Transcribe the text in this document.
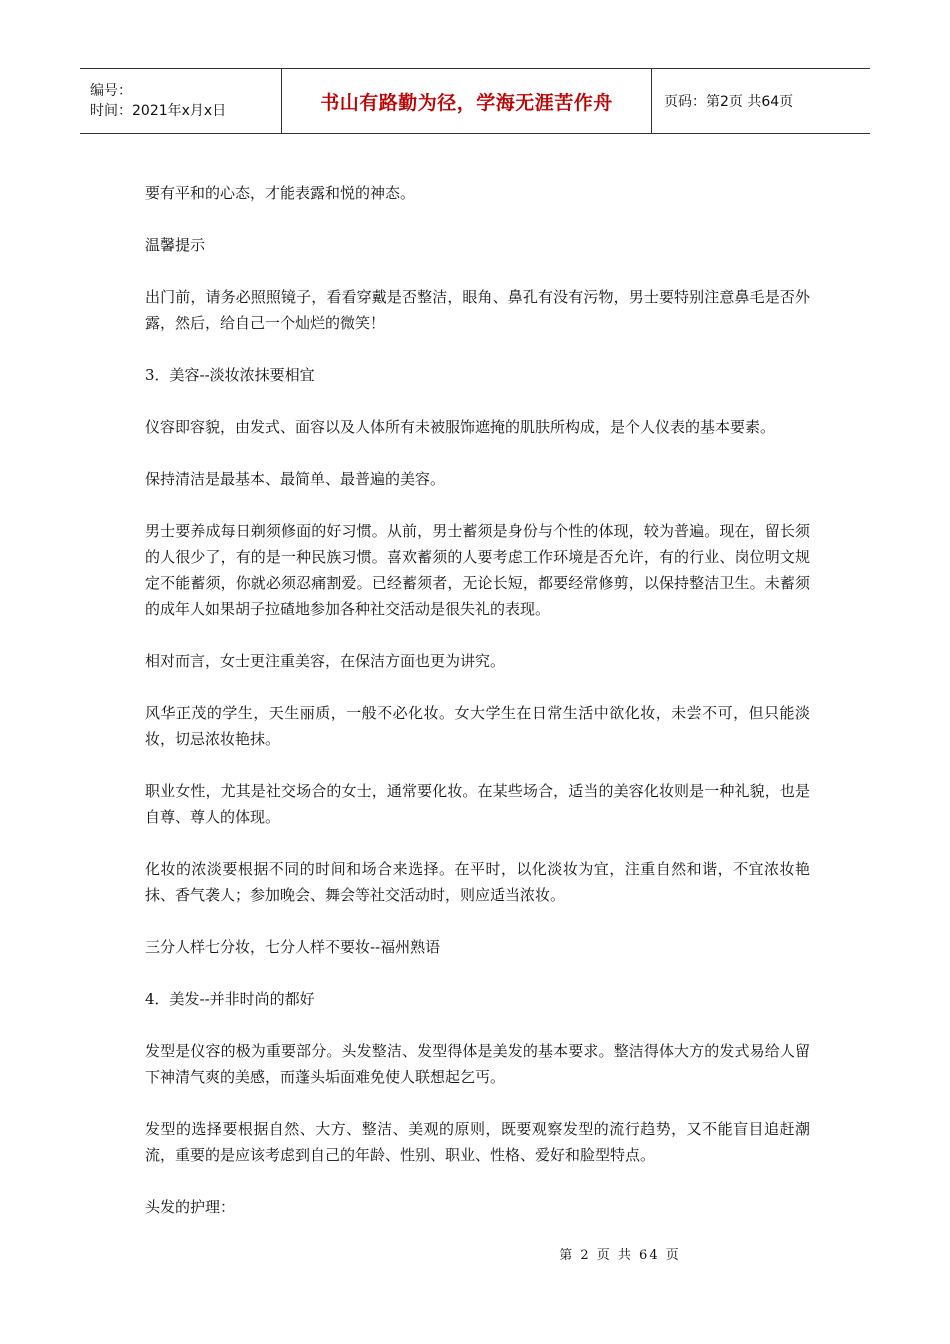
编号：
时间：2021年x月x日	书山有路勤为径，学海无涯苦作舟	页码：第2页 共64页

要有平和的心态，才能表露和悦的神态。

温馨提示

出门前，请务必照照镜子，看看穿戴是否整洁，眼角、鼻孔有没有污物，男士要特别注意鼻毛是否外露，然后，给自己一个灿烂的微笑！

3．美容--淡妆浓抹要相宜

仪容即容貌，由发式、面容以及人体所有未被服饰遮掩的肌肤所构成，是个人仪表的基本要素。

保持清洁是最基本、最简单、最普遍的美容。

男士要养成每日剃须修面的好习惯。从前，男士蓄须是身份与个性的体现，较为普遍。现在，留长须的人很少了，有的是一种民族习惯。喜欢蓄须的人要考虑工作环境是否允许，有的行业、岗位明文规定不能蓄须，你就必须忍痛割爱。已经蓄须者，无论长短，都要经常修剪，以保持整洁卫生。未蓄须的成年人如果胡子拉碴地参加各种社交活动是很失礼的表现。

相对而言，女士更注重美容，在保洁方面也更为讲究。

风华正茂的学生，天生丽质，一般不必化妆。女大学生在日常生活中欲化妆，未尝不可，但只能淡妆，切忌浓妆艳抹。

职业女性，尤其是社交场合的女士，通常要化妆。在某些场合，适当的美容化妆则是一种礼貌，也是自尊、尊人的体现。

化妆的浓淡要根据不同的时间和场合来选择。在平时，以化淡妆为宜，注重自然和谐，不宜浓妆艳抹、香气袭人；参加晚会、舞会等社交活动时，则应适当浓妆。

三分人样七分妆，七分人样不要妆--福州熟语

4．美发--并非时尚的都好

发型是仪容的极为重要部分。头发整洁、发型得体是美发的基本要求。整洁得体大方的发式易给人留下神清气爽的美感，而蓬头垢面难免使人联想起乞丐。

发型的选择要根据自然、大方、整洁、美观的原则，既要观察发型的流行趋势，又不能盲目追赶潮流，重要的是应该考虑到自己的年龄、性别、职业、性格、爱好和脸型特点。

头发的护理：

第 2 页 共 64 页
